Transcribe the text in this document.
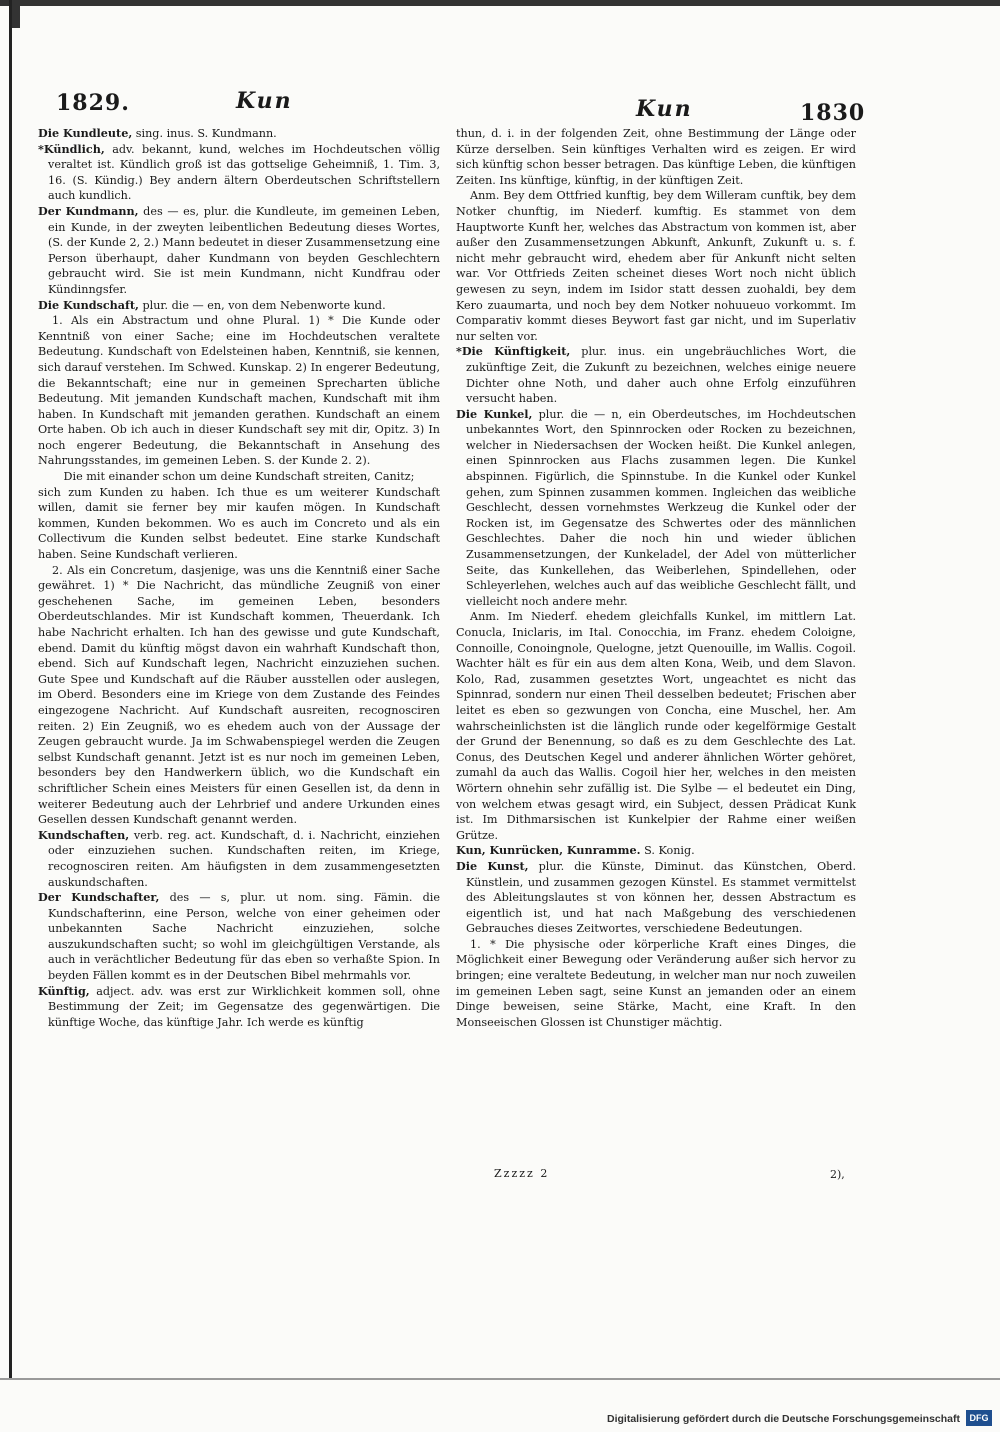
1829.	Kun	Kun	1830

Die Kundleute, sing. inus. S. Kundmann.

*Kündlich, adv. bekannt, kund, welches im Hochdeutschen völlig veraltet ist. Kündlich groß ist das gottselige Geheimniß, 1. Tim. 3, 16. (S. Kündig.) Bey andern ältern Oberdeutschen Schriftstellern auch kundlich.

Der Kundmann, des — es, plur. die Kundleute, im gemeinen Leben, ein Kunde, in der zweyten leibentlichen Bedeutung dieses Wortes, (S. der Kunde 2, 2.) Mann bedeutet in dieser Zusammensetzung eine Person überhaupt, daher Kundmann von beyden Geschlechtern gebraucht wird. Sie ist mein Kundmann, nicht Kundfrau oder Kündinngsfer.

Die Kundschaft, plur. die — en, von dem Nebenworte kund.

1. Als ein Abstractum und ohne Plural. 1) * Die Kunde oder Kenntniß von einer Sache; eine im Hochdeutschen veraltete Bedeutung. Kundschaft von Edelsteinen haben, Kenntniß, sie kennen, sich darauf verstehen. Im Schwed. Kunskap. 2) In engerer Bedeutung, die Bekanntschaft; eine nur in gemeinen Sprecharten übliche Bedeutung. Mit jemanden Kundschaft machen, Kundschaft mit ihm haben. In Kundschaft mit jemanden gerathen. Kundschaft an einem Orte haben. Ob ich auch in dieser Kundschaft sey mit dir, Opitz. 3) In noch engerer Bedeutung, die Bekanntschaft in Ansehung des Nahrungsstandes, im gemeinen Leben. S. der Kunde 2. 2).

Die mit einander schon um deine Kundschaft streiten, Canitz;

sich zum Kunden zu haben. Ich thue es um weiterer Kundschaft willen, damit sie ferner bey mir kaufen mögen. In Kundschaft kommen, Kunden bekommen. Wo es auch im Concreto und als ein Collectivum die Kunden selbst bedeutet. Eine starke Kundschaft haben. Seine Kundschaft verlieren.

2. Als ein Concretum, dasjenige, was uns die Kenntniß einer Sache gewähret. 1) * Die Nachricht, das mündliche Zeugniß von einer geschehenen Sache, im gemeinen Leben, besonders Oberdeutschlandes. Mir ist Kundschaft kommen, Theuerdank. Ich habe Nachricht erhalten. Ich han des gewisse und gute Kundschaft, ebend. Damit du künftig mögst davon ein wahrhaft Kundschaft thon, ebend. Sich auf Kundschaft legen, Nachricht einzuziehen suchen. Gute Spee und Kundschaft auf die Räuber ausstellen oder auslegen, im Oberd. Besonders eine im Kriege von dem Zustande des Feindes eingezogene Nachricht. Auf Kundschaft ausreiten, recognosciren reiten. 2) Ein Zeugniß, wo es ehedem auch von der Aussage der Zeugen gebraucht wurde. Ja im Schwabenspiegel werden die Zeugen selbst Kundschaft genannt. Jetzt ist es nur noch im gemeinen Leben, besonders bey den Handwerkern üblich, wo die Kundschaft ein schriftlicher Schein eines Meisters für einen Gesellen ist, da denn in weiterer Bedeutung auch der Lehrbrief und andere Urkunden eines Gesellen dessen Kundschaft genannt werden.

Kundschaften, verb. reg. act. Kundschaft, d. i. Nachricht, einziehen oder einzuziehen suchen. Kundschaften reiten, im Kriege, recognosciren reiten. Am häufigsten in dem zusammengesetzten auskundschaften.

Der Kundschafter, des — s, plur. ut nom. sing. Fämin. die Kundschafterinn, eine Person, welche von einer geheimen oder unbekannten Sache Nachricht einzuziehen, solche auszukundschaften sucht; so wohl im gleichgültigen Verstande, als auch in verächtlicher Bedeutung für das eben so verhaßte Spion. In beyden Fällen kommt es in der Deutschen Bibel mehrmahls vor.

Künftig, adject. adv. was erst zur Wirklichkeit kommen soll, ohne Bestimmung der Zeit; im Gegensatze des gegenwärtigen. Die künftige Woche, das künftige Jahr. Ich werde es künftig

thun, d. i. in der folgenden Zeit, ohne Bestimmung der Länge oder Kürze derselben. Sein künftiges Verhalten wird es zeigen. Er wird sich künftig schon besser betragen. Das künftige Leben, die künftigen Zeiten. Ins künftige, künftig, in der künftigen Zeit.

Anm. Bey dem Ottfried kunftig, bey dem Willeram cunftik, bey dem Notker chunftig, im Niederf. kumftig. Es stammet von dem Hauptworte Kunft her, welches das Abstractum von kommen ist, aber außer den Zusammensetzungen Abkunft, Ankunft, Zukunft u. s. f. nicht mehr gebraucht wird, ehedem aber für Ankunft nicht selten war. Vor Ottfrieds Zeiten scheinet dieses Wort noch nicht üblich gewesen zu seyn, indem im Isidor statt dessen zuohaldi, bey dem Kero zuaumarta, und noch bey dem Notker nohuueuo vorkommt. Im Comparativ kommt dieses Beywort fast gar nicht, und im Superlativ nur selten vor.

*Die Künftigkeit, plur. inus. ein ungebräuchliches Wort, die zukünftige Zeit, die Zukunft zu bezeichnen, welches einige neuere Dichter ohne Noth, und daher auch ohne Erfolg einzuführen versucht haben.

Die Kunkel, plur. die — n, ein Oberdeutsches, im Hochdeutschen unbekanntes Wort, den Spinnrocken oder Rocken zu bezeichnen, welcher in Niedersachsen der Wocken heißt. Die Kunkel anlegen, einen Spinnrocken aus Flachs zusammen legen. Die Kunkel abspinnen. Figürlich, die Spinnstube. In die Kunkel oder Kunkel gehen, zum Spinnen zusammen kommen. Ingleichen das weibliche Geschlecht, dessen vornehmstes Werkzeug die Kunkel oder der Rocken ist, im Gegensatze des Schwertes oder des männlichen Geschlechtes. Daher die noch hin und wieder üblichen Zusammensetzungen, der Kunkeladel, der Adel von mütterlicher Seite, das Kunkellehen, das Weiberlehen, Spindellehen, oder Schleyerlehen, welches auch auf das weibliche Geschlecht fällt, und vielleicht noch andere mehr.

Anm. Im Niederf. ehedem gleichfalls Kunkel, im mittlern Lat. Conucla, Iniclaris, im Ital. Conocchia, im Franz. ehedem Coloigne, Connoille, Conoingnole, Quelogne, jetzt Quenouille, im Wallis. Cogoil. Wachter hält es für ein aus dem alten Kona, Weib, und dem Slavon. Kolo, Rad, zusammen gesetztes Wort, ungeachtet es nicht das Spinnrad, sondern nur einen Theil desselben bedeutet; Frischen aber leitet es eben so gezwungen von Concha, eine Muschel, her. Am wahrscheinlichsten ist die länglich runde oder kegelförmige Gestalt der Grund der Benennung, so daß es zu dem Geschlechte des Lat. Conus, des Deutschen Kegel und anderer ähnlichen Wörter gehöret, zumahl da auch das Wallis. Cogoil hier her, welches in den meisten Wörtern ohnehin sehr zufällig ist. Die Sylbe — el bedeutet ein Ding, von welchem etwas gesagt wird, ein Subject, dessen Prädicat Kunk ist. Im Dithmarsischen ist Kunkelpier der Rahme einer weißen Grütze.

Kun, Kunrücken, Kunramme. S. Konig.

Die Kunst, plur. die Künste, Diminut. das Künstchen, Oberd. Künstlein, und zusammen gezogen Künstel. Es stammet vermittelst des Ableitungslautes st von können her, dessen Abstractum es eigentlich ist, und hat nach Maßgebung des verschiedenen Gebrauches dieses Zeitwortes, verschiedene Bedeutungen.

1. * Die physische oder körperliche Kraft eines Dinges, die Möglichkeit einer Bewegung oder Veränderung außer sich hervor zu bringen; eine veraltete Bedeutung, in welcher man nur noch zuweilen im gemeinen Leben sagt, seine Kunst an jemanden oder an einem Dinge beweisen, seine Stärke, Macht, eine Kraft. In den Monseeischen Glossen ist Chunstiger mächtig.

Zzzzz 2	2),
Digitalisierung gefördert durch die Deutsche Forschungsgemeinschaft DFG
